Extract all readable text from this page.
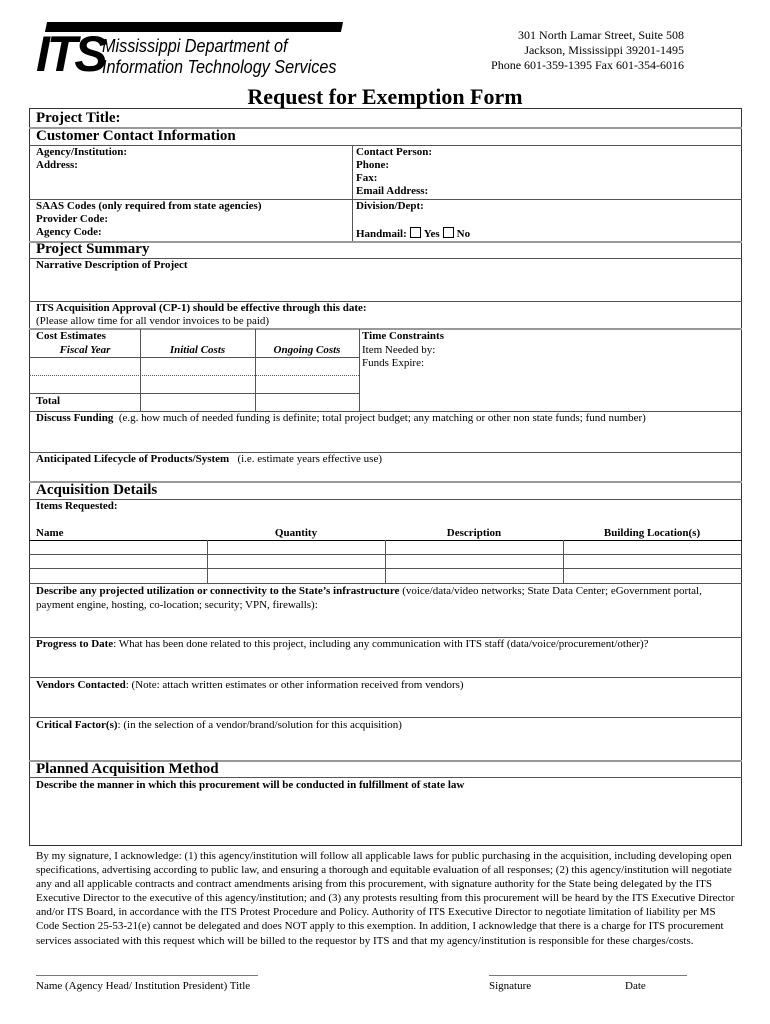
ITS
Mississippi Department of
Information Technology Services
301 North Lamar Street, Suite 508
Jackson, Mississippi 39201-1495
Phone 601-359-1395 Fax 601-354-6016
Request for Exemption Form
Project Title:
Customer Contact Information
Agency/Institution:
Address:
Contact Person:
Phone:
Fax:
Email Address:
SAAS Codes (only required from state agencies)
Provider Code:
Agency Code:
Division/Dept:
Handmail: Yes No
Project Summary
Narrative Description of Project
ITS Acquisition Approval (CP-1) should be effective through this date:
(Please allow time for all vendor invoices to be paid)
Cost Estimates
Fiscal Year	Initial Costs	Ongoing Costs
Total
Time Constraints
Item Needed by:
Funds Expire:
Discuss Funding (e.g. how much of needed funding is definite; total project budget; any matching or other non state funds; fund number)
Anticipated Lifecycle of Products/System (i.e. estimate years effective use)
Acquisition Details
Items Requested:
Name	Quantity	Description	Building Location(s)
Describe any projected utilization or connectivity to the State’s infrastructure (voice/data/video networks; State Data Center; eGovernment portal, payment engine, hosting, co-location; security; VPN, firewalls):
Progress to Date: What has been done related to this project, including any communication with ITS staff (data/voice/procurement/other)?
Vendors Contacted: (Note: attach written estimates or other information received from vendors)
Critical Factor(s): (in the selection of a vendor/brand/solution for this acquisition)
Planned Acquisition Method
Describe the manner in which this procurement will be conducted in fulfillment of state law
By my signature, I acknowledge: (1) this agency/institution will follow all applicable laws for public purchasing in the acquisition, including developing open specifications, advertising according to public law, and ensuring a thorough and equitable evaluation of all responses; (2) this agency/institution will negotiate any and all applicable contracts and contract amendments arising from this procurement, with signature authority for the State being delegated by the ITS Executive Director to the executive of this agency/institution; and (3) any protests resulting from this procurement will be heard by the ITS Executive Director and/or ITS Board, in accordance with the ITS Protest Procedure and Policy. Authority of ITS Executive Director to negotiate limitation of liability per MS Code Section 25-53-21(e) cannot be delegated and does NOT apply to this exemption. In addition, I acknowledge that there is a charge for ITS procurement services associated with this request which will be billed to the requestor by ITS and that my agency/institution is responsible for these charges/costs.
Name (Agency Head/ Institution President) Title	Signature	Date
